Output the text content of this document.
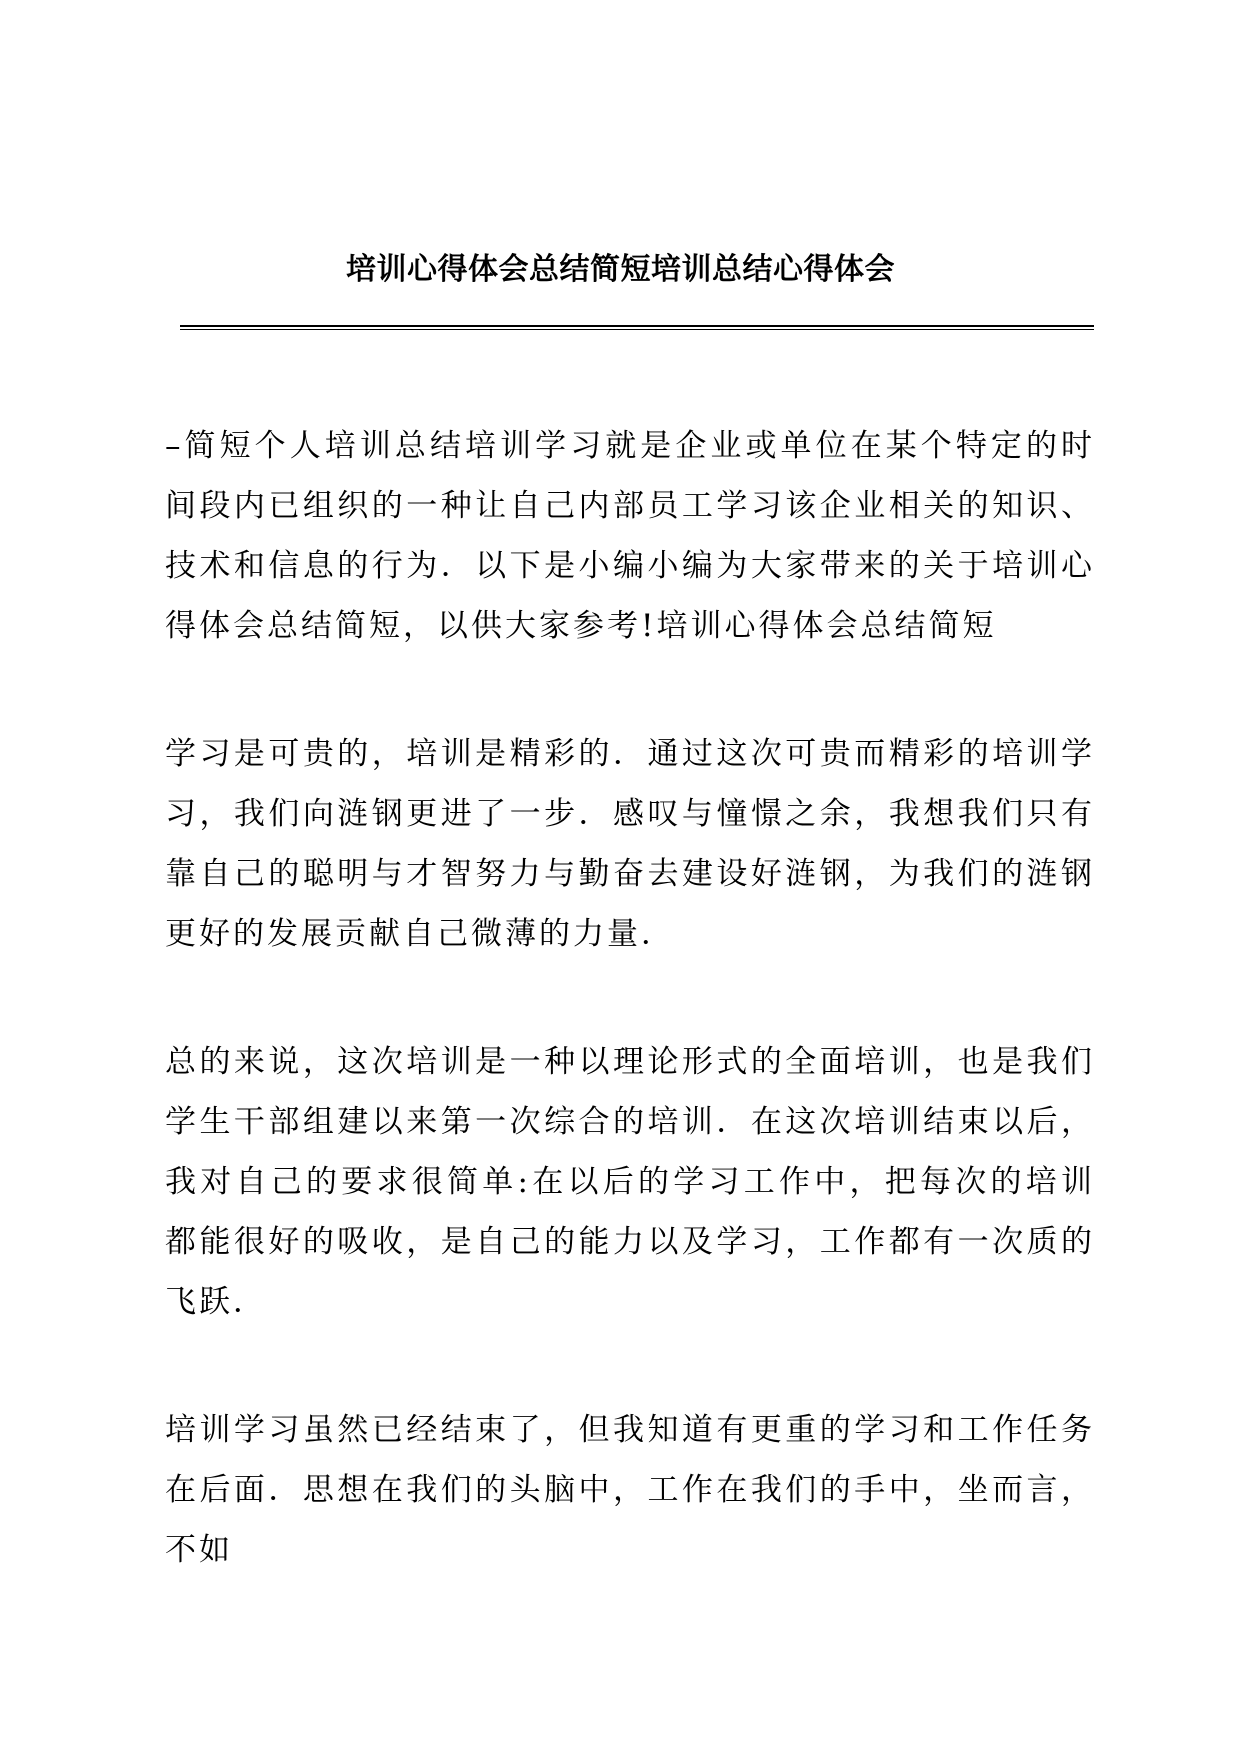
培训心得体会总结简短培训总结心得体会

–简短个人培训总结培训学习就是企业或单位在某个特定的时间段内已组织的一种让自己内部员工学习该企业相关的知识、技术和信息的行为．以下是小编小编为大家带来的关于培训心得体会总结简短，以供大家参考!培训心得体会总结简短

学习是可贵的，培训是精彩的．通过这次可贵而精彩的培训学习，我们向涟钢更进了一步．感叹与憧憬之余，我想我们只有靠自己的聪明与才智努力与勤奋去建设好涟钢，为我们的涟钢更好的发展贡献自己微薄的力量．

总的来说，这次培训是一种以理论形式的全面培训，也是我们学生干部组建以来第一次综合的培训．在这次培训结束以后，我对自己的要求很简单:在以后的学习工作中，把每次的培训都能很好的吸收，是自己的能力以及学习，工作都有一次质的飞跃．

培训学习虽然已经结束了，但我知道有更重的学习和工作任务在后面．思想在我们的头脑中，工作在我们的手中，坐而言，不如
